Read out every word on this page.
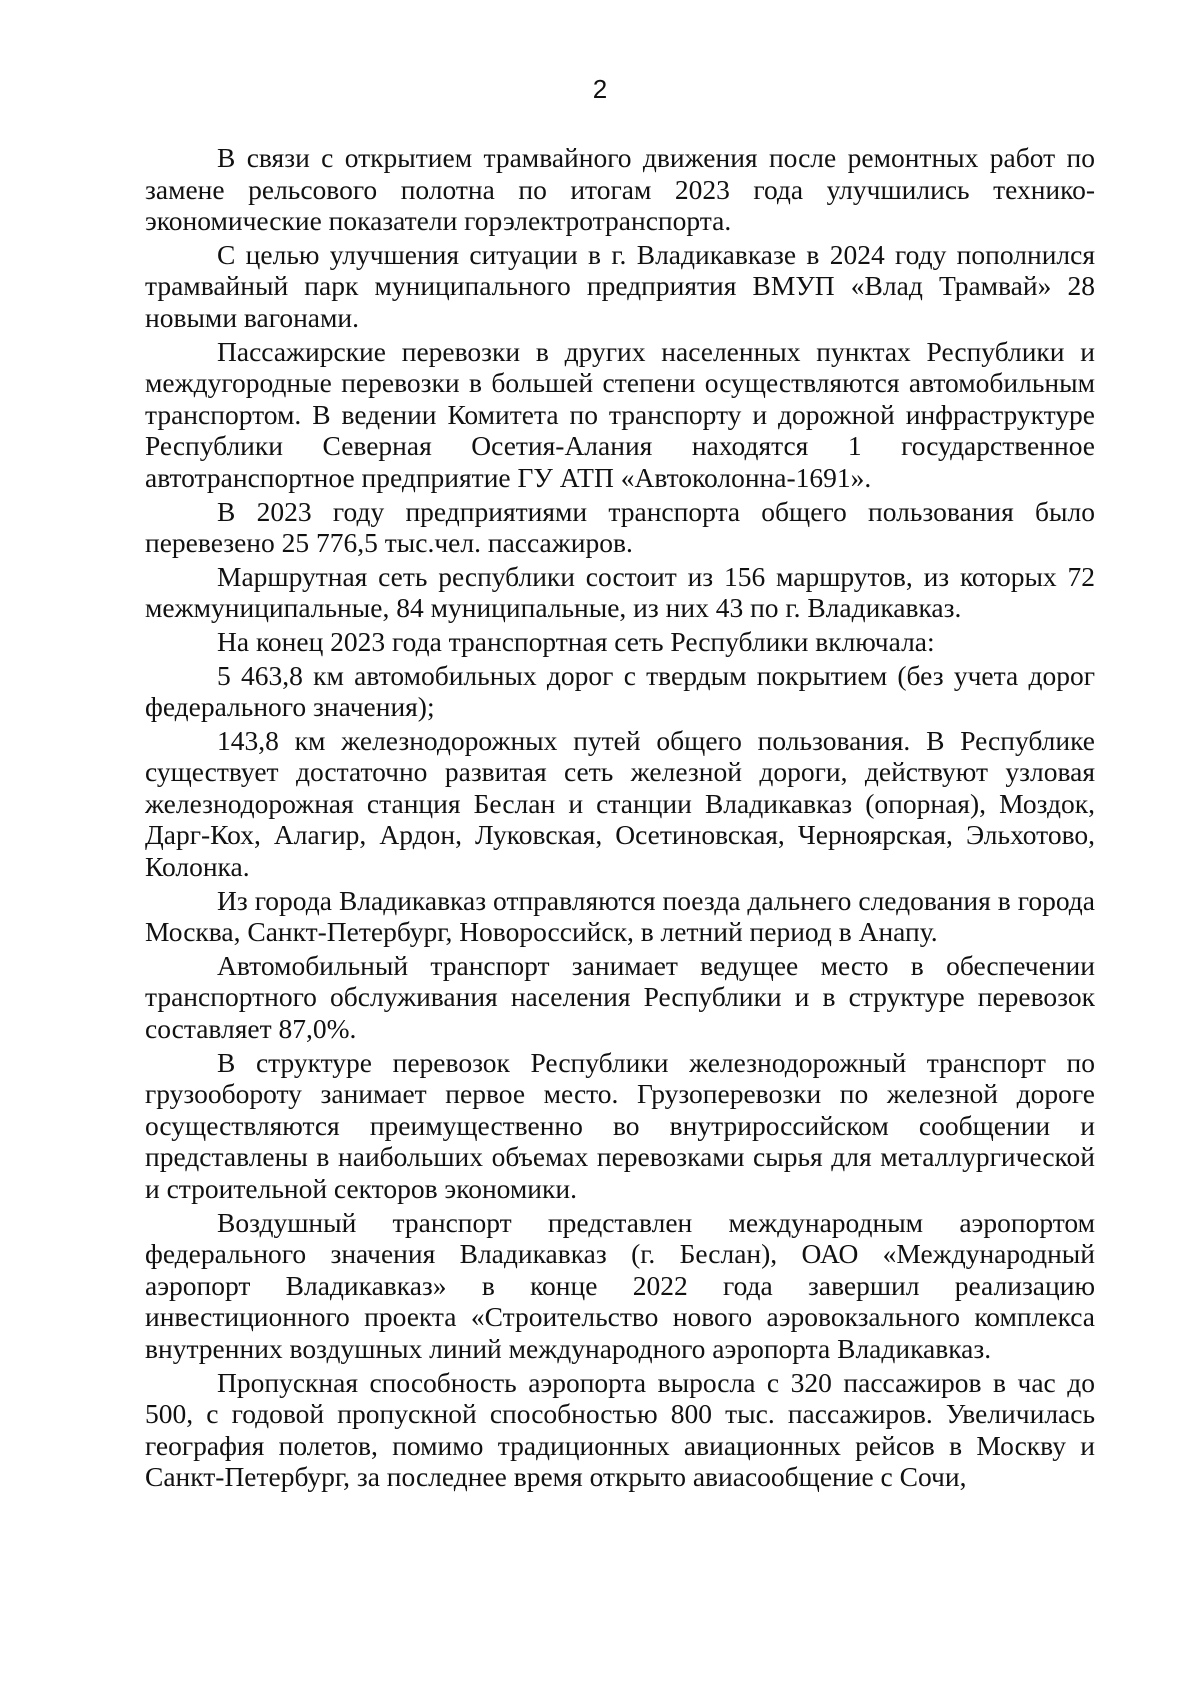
2

В связи с открытием трамвайного движения после ремонтных работ по замене рельсового полотна по итогам 2023 года улучшились технико-экономические показатели горэлектротранспорта.

С целью улучшения ситуации в г. Владикавказе в 2024 году пополнился трамвайный парк муниципального предприятия ВМУП «Влад Трамвай» 28 новыми вагонами.

Пассажирские перевозки в других населенных пунктах Республики и междугородные перевозки в большей степени осуществляются автомобильным транспортом. В ведении Комитета по транспорту и дорожной инфраструктуре Республики Северная Осетия-Алания находятся 1 государственное автотранспортное предприятие ГУ АТП «Автоколонна-1691».

В 2023 году предприятиями транспорта общего пользования было перевезено 25 776,5 тыс.чел. пассажиров.

Маршрутная сеть республики состоит из 156 маршрутов, из которых 72 межмуниципальные, 84 муниципальные, из них 43 по г. Владикавказ.

На конец 2023 года транспортная сеть Республики включала:

5 463,8 км автомобильных дорог с твердым покрытием (без учета дорог федерального значения);

143,8 км железнодорожных путей общего пользования. В Республике существует достаточно развитая сеть железной дороги, действуют узловая железнодорожная станция Беслан и станции Владикавказ (опорная), Моздок, Дарг-Кох, Алагир, Ардон, Луковская, Осетиновская, Черноярская, Эльхотово, Колонка.

Из города Владикавказ отправляются поезда дальнего следования в города Москва, Санкт-Петербург, Новороссийск, в летний период в Анапу.

Автомобильный транспорт занимает ведущее место в обеспечении транспортного обслуживания населения Республики и в структуре перевозок составляет 87,0%.

В структуре перевозок Республики железнодорожный транспорт по грузообороту занимает первое место. Грузоперевозки по железной дороге осуществляются преимущественно во внутрироссийском сообщении и представлены в наибольших объемах перевозками сырья для металлургической и строительной секторов экономики.

Воздушный транспорт представлен международным аэропортом федерального значения Владикавказ (г. Беслан), ОАО «Международный аэропорт Владикавказ» в конце 2022 года завершил реализацию инвестиционного проекта «Строительство нового аэровокзального комплекса внутренних воздушных линий международного аэропорта Владикавказ.

Пропускная способность аэропорта выросла с 320 пассажиров в час до 500, с годовой пропускной способностью 800 тыс. пассажиров. Увеличилась география полетов, помимо традиционных авиационных рейсов в Москву и Санкт-Петербург, за последнее время открыто авиасообщение с Сочи,
